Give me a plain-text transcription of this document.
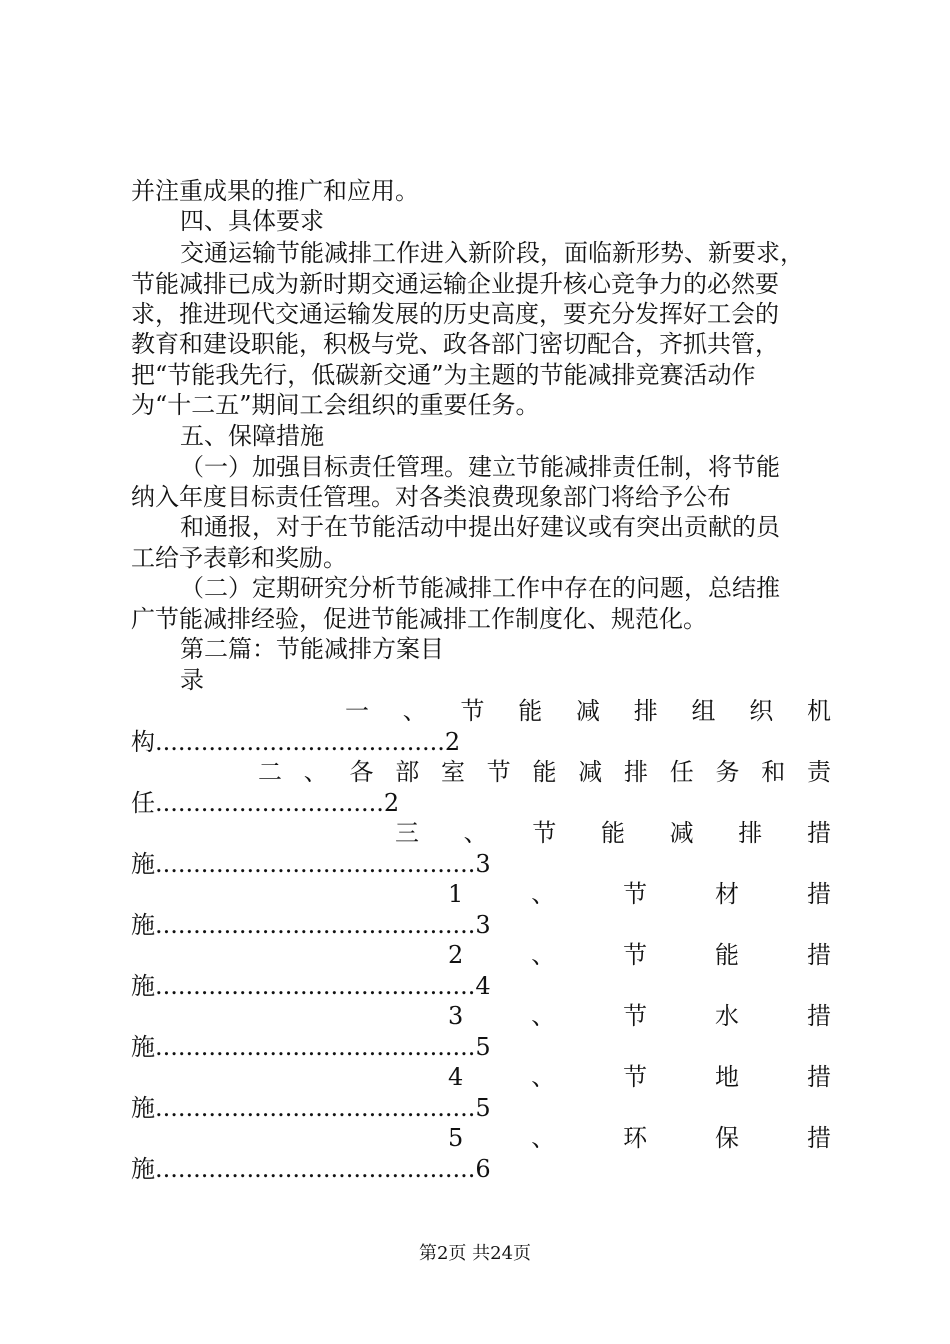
并注重成果的推广和应用。
四、具体要求
交通运输节能减排工作进入新阶段，面临新形势、新要求，
节能减排已成为新时期交通运输企业提升核心竞争力的必然要
求，推进现代交通运输发展的历史高度，要充分发挥好工会的
教育和建设职能，积极与党、政各部门密切配合，齐抓共管，
把“节能我先行，低碳新交通”为主题的节能减排竞赛活动作
为“十二五”期间工会组织的重要任务。
五、保障措施
（一）加强目标责任管理。建立节能减排责任制，将节能
纳入年度目标责任管理。对各类浪费现象部门将给予公布
和通报，对于在节能活动中提出好建议或有突出贡献的员
工给予表彰和奖励。
（二）定期研究分析节能减排工作中存在的问题，总结推
广节能减排经验，促进节能减排工作制度化、规范化。
第二篇：节能减排方案目
录
一 、 节 能 减 排 组 织 机
构......................................2
二 、 各 部 室 节 能 减 排 任 务 和 责
任..............................2
三 、 节 能 减 排 措
施..........................................3
1	、	节	材	措
施..........................................3
2	、	节	能	措
施..........................................4
3	、	节	水	措
施..........................................5
4	、	节	地	措
施..........................................5
5	、	环	保	措
施..........................................6
第2页 共24页
